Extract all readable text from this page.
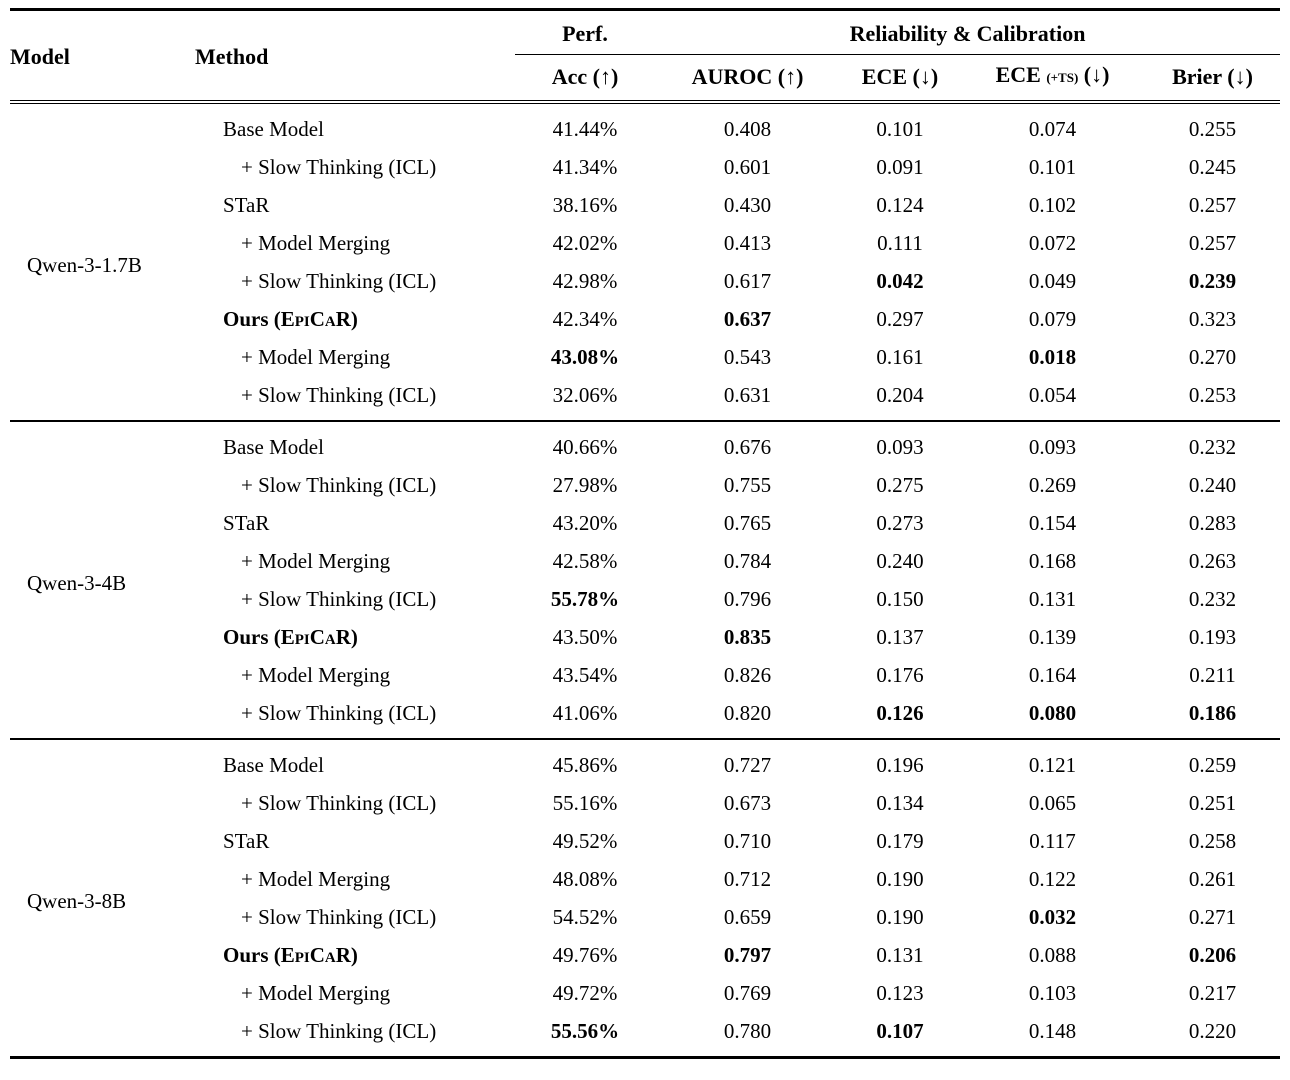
Model	Method	Perf.	Reliability & Calibration			
		Acc (↑)	AUROC (↑)	ECE (↓)	ECE (+TS) (↓)	Brier (↓)
Qwen-3-1.7B	Base Model	41.44%	0.408	0.101	0.074	0.255
	+ Slow Thinking (ICL)	41.34%	0.601	0.091	0.101	0.245
	STaR	38.16%	0.430	0.124	0.102	0.257
	+ Model Merging	42.02%	0.413	0.111	0.072	0.257
	+ Slow Thinking (ICL)	42.98%	0.617	0.042	0.049	0.239
	Ours (EpiCaR)	42.34%	0.637	0.297	0.079	0.323
	+ Model Merging	43.08%	0.543	0.161	0.018	0.270
	+ Slow Thinking (ICL)	32.06%	0.631	0.204	0.054	0.253
Qwen-3-4B	Base Model	40.66%	0.676	0.093	0.093	0.232
	+ Slow Thinking (ICL)	27.98%	0.755	0.275	0.269	0.240
	STaR	43.20%	0.765	0.273	0.154	0.283
	+ Model Merging	42.58%	0.784	0.240	0.168	0.263
	+ Slow Thinking (ICL)	55.78%	0.796	0.150	0.131	0.232
	Ours (EpiCaR)	43.50%	0.835	0.137	0.139	0.193
	+ Model Merging	43.54%	0.826	0.176	0.164	0.211
	+ Slow Thinking (ICL)	41.06%	0.820	0.126	0.080	0.186
Qwen-3-8B	Base Model	45.86%	0.727	0.196	0.121	0.259
	+ Slow Thinking (ICL)	55.16%	0.673	0.134	0.065	0.251
	STaR	49.52%	0.710	0.179	0.117	0.258
	+ Model Merging	48.08%	0.712	0.190	0.122	0.261
	+ Slow Thinking (ICL)	54.52%	0.659	0.190	0.032	0.271
	Ours (EpiCaR)	49.76%	0.797	0.131	0.088	0.206
	+ Model Merging	49.72%	0.769	0.123	0.103	0.217
	+ Slow Thinking (ICL)	55.56%	0.780	0.107	0.148	0.220
